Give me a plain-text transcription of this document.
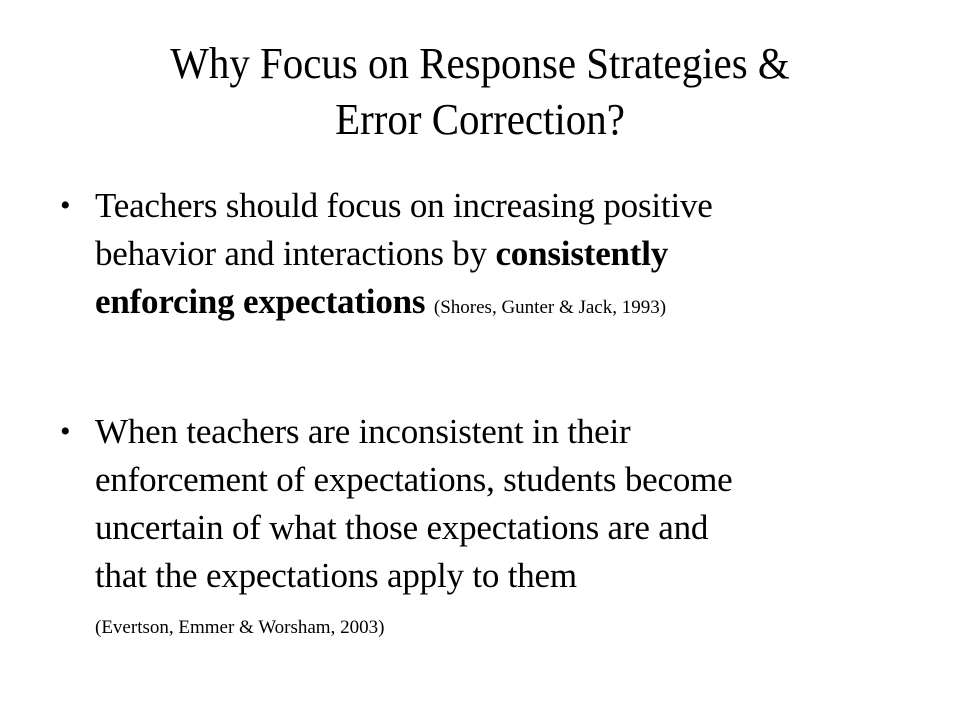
Why Focus on Response Strategies &
Error Correction?
• Teachers should focus on increasing positive
behavior and interactions by consistently
enforcing expectations (Shores, Gunter & Jack, 1993)
• When teachers are inconsistent in their
enforcement of expectations, students become
uncertain of what those expectations are and
that the expectations apply to them
(Evertson, Emmer & Worsham, 2003)
